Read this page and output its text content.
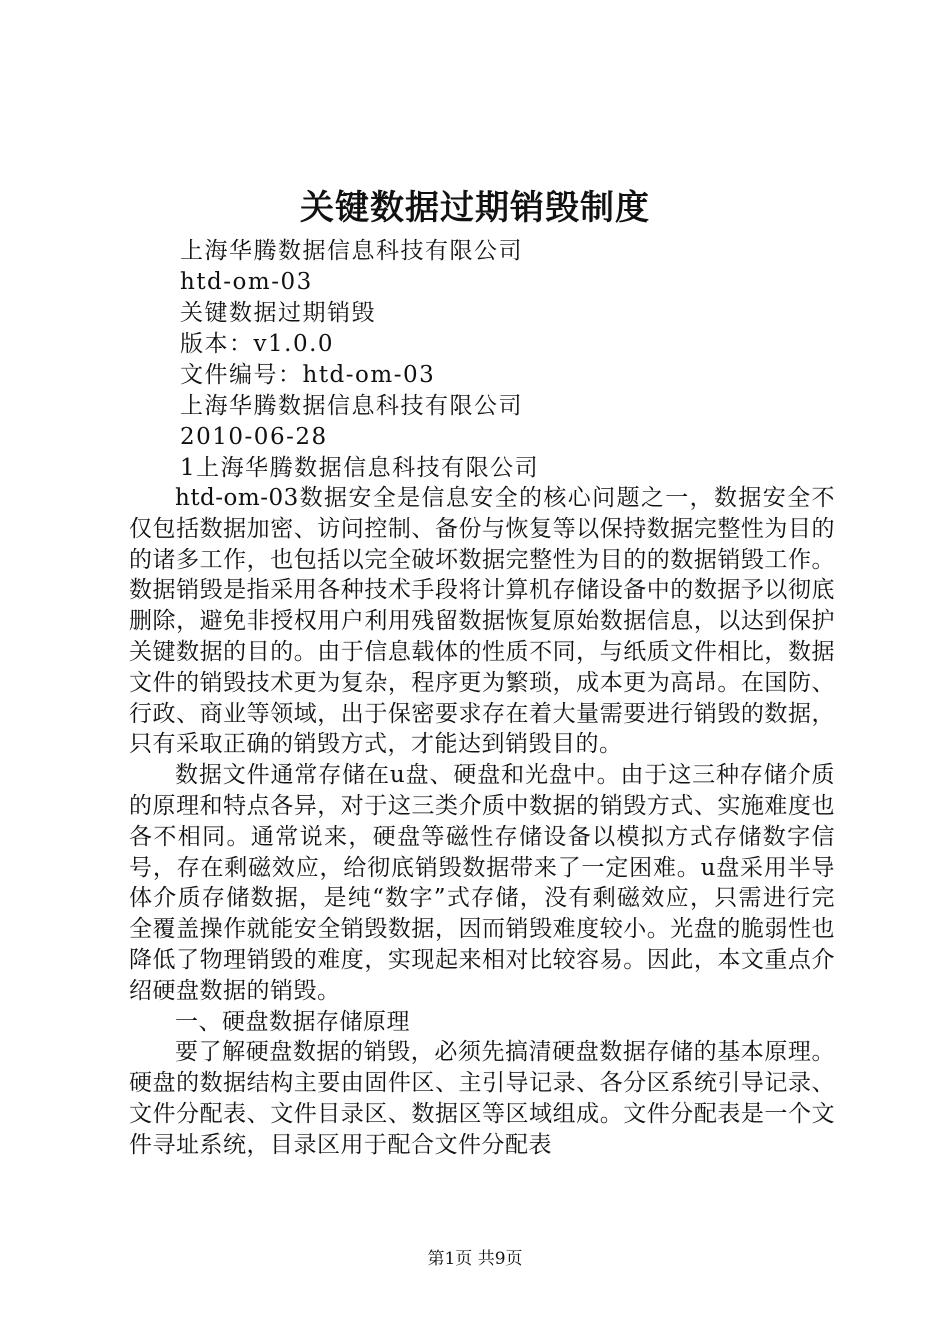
关键数据过期销毁制度
上海华腾数据信息科技有限公司
htd-om-03
关键数据过期销毁
版本：v1.0.0
文件编号：htd-om-03
上海华腾数据信息科技有限公司
2010-06-28
1上海华腾数据信息科技有限公司

htd-om-03数据安全是信息安全的核心问题之一，数据安全不仅包括数据加密、访问控制、备份与恢复等以保持数据完整性为目的的诸多工作，也包括以完全破坏数据完整性为目的的数据销毁工作。数据销毁是指采用各种技术手段将计算机存储设备中的数据予以彻底删除，避免非授权用户利用残留数据恢复原始数据信息，以达到保护关键数据的目的。由于信息载体的性质不同，与纸质文件相比，数据文件的销毁技术更为复杂，程序更为繁琐，成本更为高昂。在国防、行政、商业等领域，出于保密要求存在着大量需要进行销毁的数据，只有采取正确的销毁方式，才能达到销毁目的。

数据文件通常存储在u盘、硬盘和光盘中。由于这三种存储介质的原理和特点各异，对于这三类介质中数据的销毁方式、实施难度也各不相同。通常说来，硬盘等磁性存储设备以模拟方式存储数字信号，存在剩磁效应，给彻底销毁数据带来了一定困难。u盘采用半导体介质存储数据，是纯“数字”式存储，没有剩磁效应，只需进行完全覆盖操作就能安全销毁数据，因而销毁难度较小。光盘的脆弱性也降低了物理销毁的难度，实现起来相对比较容易。因此，本文重点介绍硬盘数据的销毁。

一、硬盘数据存储原理

要了解硬盘数据的销毁，必须先搞清硬盘数据存储的基本原理。硬盘的数据结构主要由固件区、主引导记录、各分区系统引导记录、文件分配表、文件目录区、数据区等区域组成。文件分配表是一个文件寻址系统，目录区用于配合文件分配表

第1页 共9页
